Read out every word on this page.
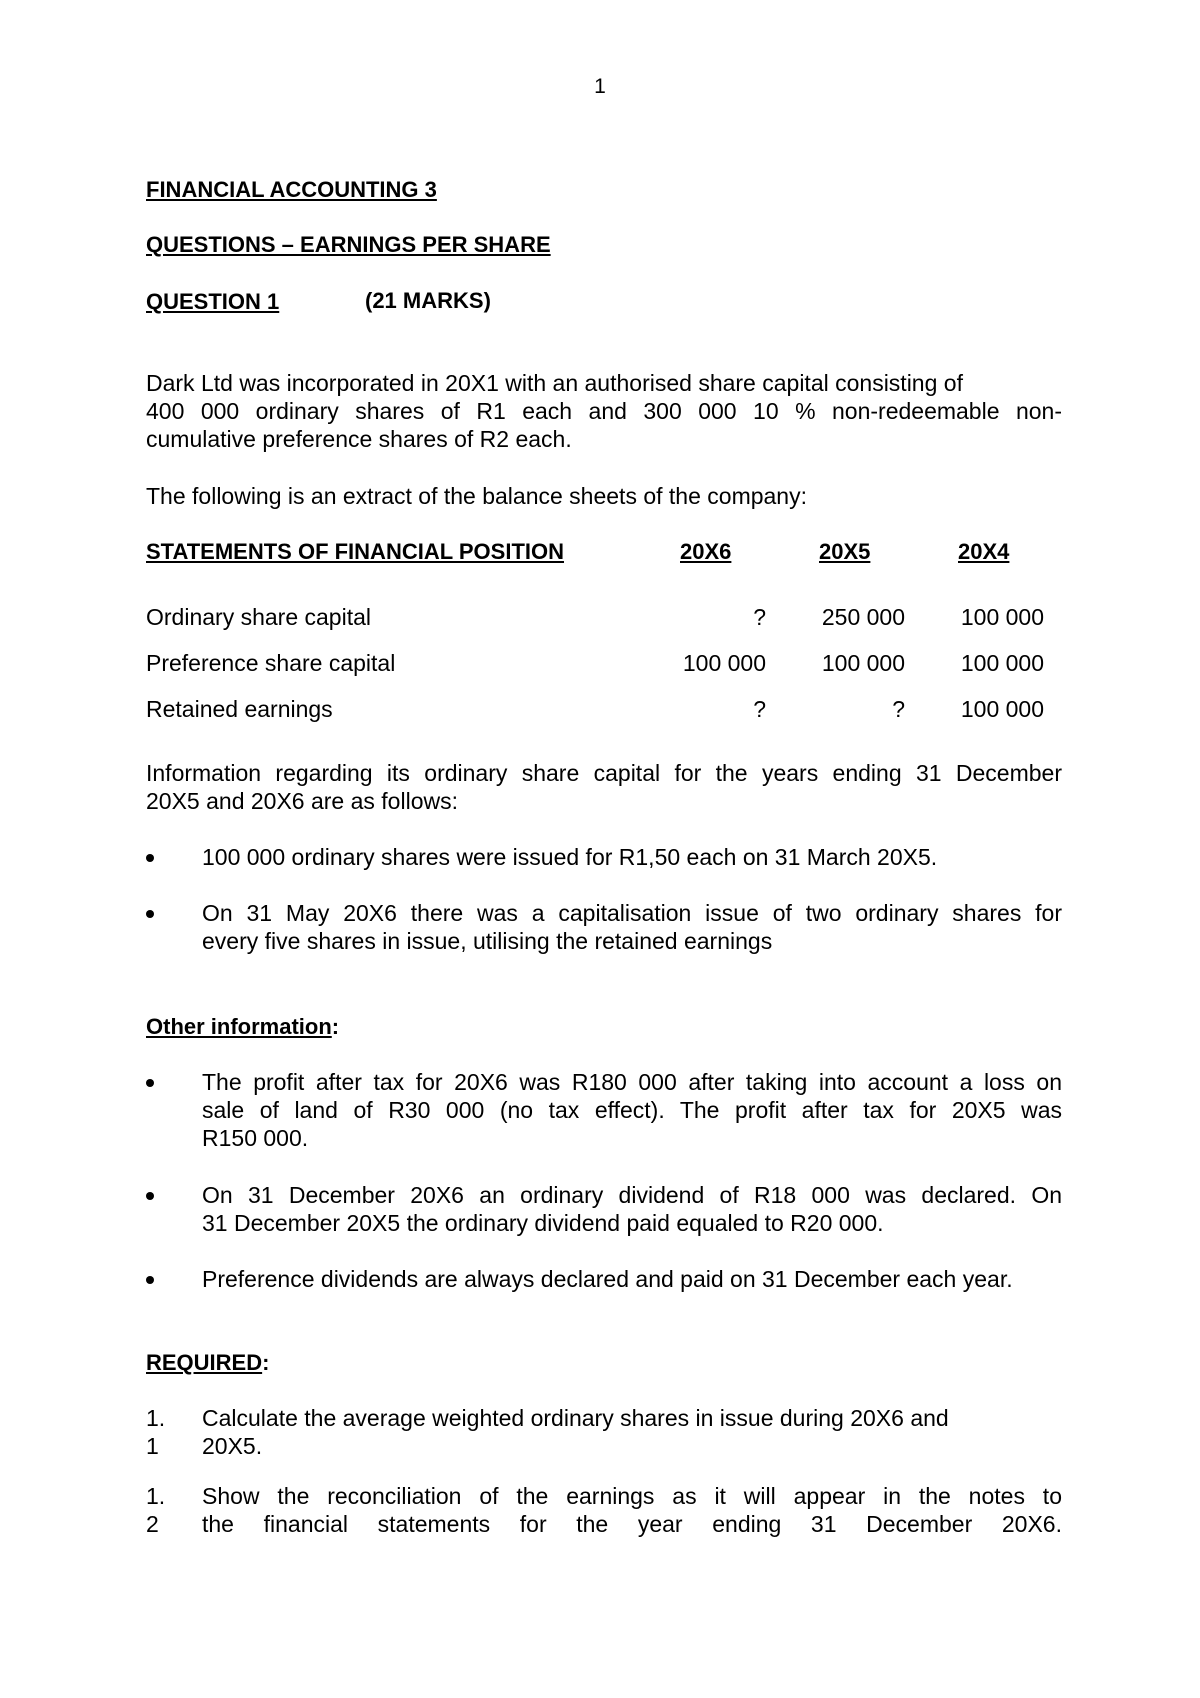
1
FINANCIAL ACCOUNTING 3
QUESTIONS – EARNINGS PER SHARE
QUESTION 1	(21 MARKS)
Dark Ltd was incorporated in 20X1 with an authorised share capital consisting of
400 000 ordinary shares of R1 each and 300 000 10 % non-redeemable non-
cumulative preference shares of R2 each.
The following is an extract of the balance sheets of the company:
STATEMENTS OF FINANCIAL POSITION	20X6	20X5	20X4
Ordinary share capital	?	250 000	100 000
Preference share capital	100 000	100 000	100 000
Retained earnings	?	?	100 000
Information regarding its ordinary share capital for the years ending 31 December
20X5 and 20X6 are as follows:
100 000 ordinary shares were issued for R1,50 each on 31 March 20X5.
On 31 May 20X6 there was a capitalisation issue of two ordinary shares for
every five shares in issue, utilising the retained earnings
Other information:
The profit after tax for 20X6 was R180 000 after taking into account a loss on
sale of land of R30 000 (no tax effect). The profit after tax for 20X5 was
R150 000.
On 31 December 20X6 an ordinary dividend of R18 000 was declared. On
31 December 20X5 the ordinary dividend paid equaled to R20 000.
Preference dividends are always declared and paid on 31 December each year.
REQUIRED:
1.
1
Calculate the average weighted ordinary shares in issue during 20X6 and
20X5.
1.
2
Show the reconciliation of the earnings as it will appear in the notes to
the financial statements for the year ending 31 December 20X6.
